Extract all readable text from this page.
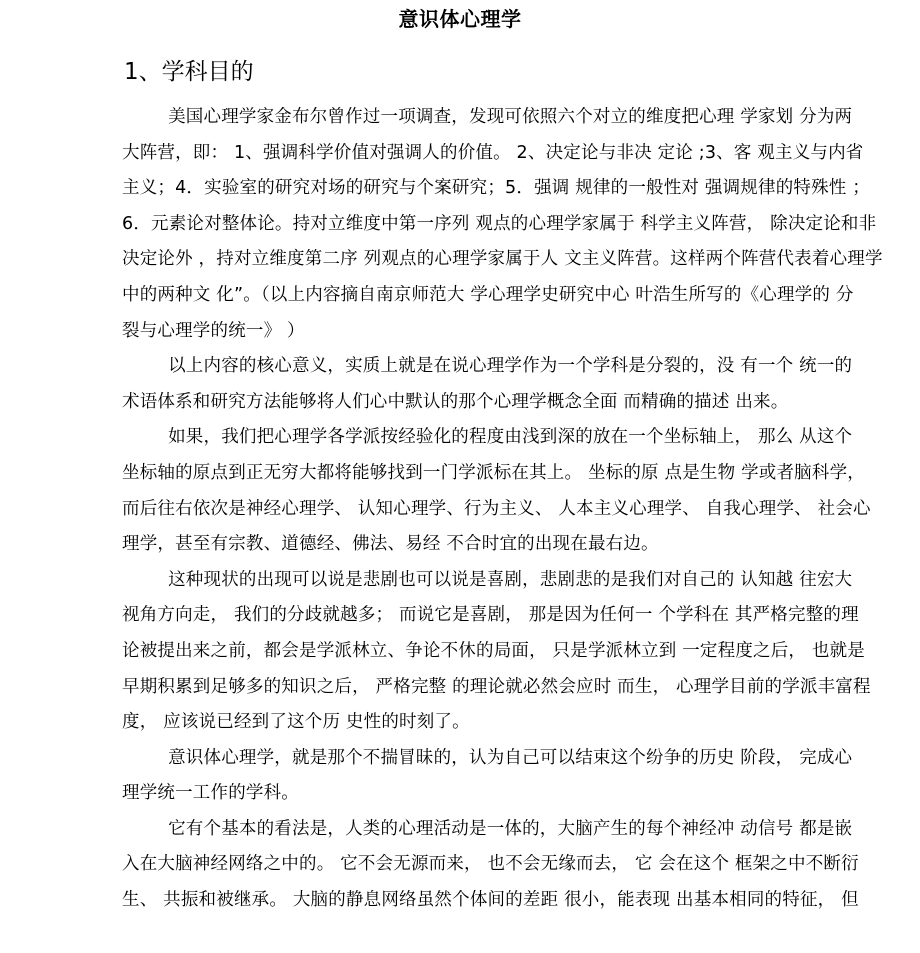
意识体心理学
1、学科目的
美国心理学家金布尔曾作过一项调查，发现可依照六个对立的维度把心理 学家划 分为两
大阵营，即： 1、强调科学价值对强调人的价值。 2、决定论与非决 定论 ;3、客 观主义与内省
主义；4．实验室的研究对场的研究与个案研究；5．强调 规律的一般性对 强调规律的特殊性 ；
6．元素论对整体论。持对立维度中第一序列 观点的心理学家属于 科学主义阵营， 除决定论和非
决定论外 ，持对立维度第二序 列观点的心理学家属于人 文主义阵营。这样两个阵营代表着心理学
中的两种文 化”。（以上内容摘自南京师范大 学心理学史研究中心 叶浩生所写的《心理学的 分
裂与心理学的统一》 ）
以上内容的核心意义，实质上就是在说心理学作为一个学科是分裂的，没 有一个 统一的
术语体系和研究方法能够将人们心中默认的那个心理学概念全面 而精确的描述 出来。
如果，我们把心理学各学派按经验化的程度由浅到深的放在一个坐标轴上， 那么 从这个
坐标轴的原点到正无穷大都将能够找到一门学派标在其上。 坐标的原 点是生物 学或者脑科学，
而后往右依次是神经心理学、 认知心理学、行为主义、 人本主义心理学、 自我心理学、 社会心
理学，甚至有宗教、道德经、佛法、易经 不合时宜的出现在最右边。
这种现状的出现可以说是悲剧也可以说是喜剧，悲剧悲的是我们对自己的 认知越 往宏大
视角方向走， 我们的分歧就越多； 而说它是喜剧， 那是因为任何一 个学科在 其严格完整的理
论被提出来之前，都会是学派林立、争论不休的局面， 只是学派林立到 一定程度之后， 也就是
早期积累到足够多的知识之后， 严格完整 的理论就必然会应时 而生， 心理学目前的学派丰富程
度， 应该说已经到了这个历 史性的时刻了。
意识体心理学，就是那个不揣冒昧的，认为自己可以结束这个纷争的历史 阶段， 完成心
理学统一工作的学科。
它有个基本的看法是，人类的心理活动是一体的，大脑产生的每个神经冲 动信号 都是嵌
入在大脑神经网络之中的。 它不会无源而来， 也不会无缘而去， 它 会在这个 框架之中不断衍
生、 共振和被继承。 大脑的静息网络虽然个体间的差距 很小，能表现 出基本相同的特征， 但
